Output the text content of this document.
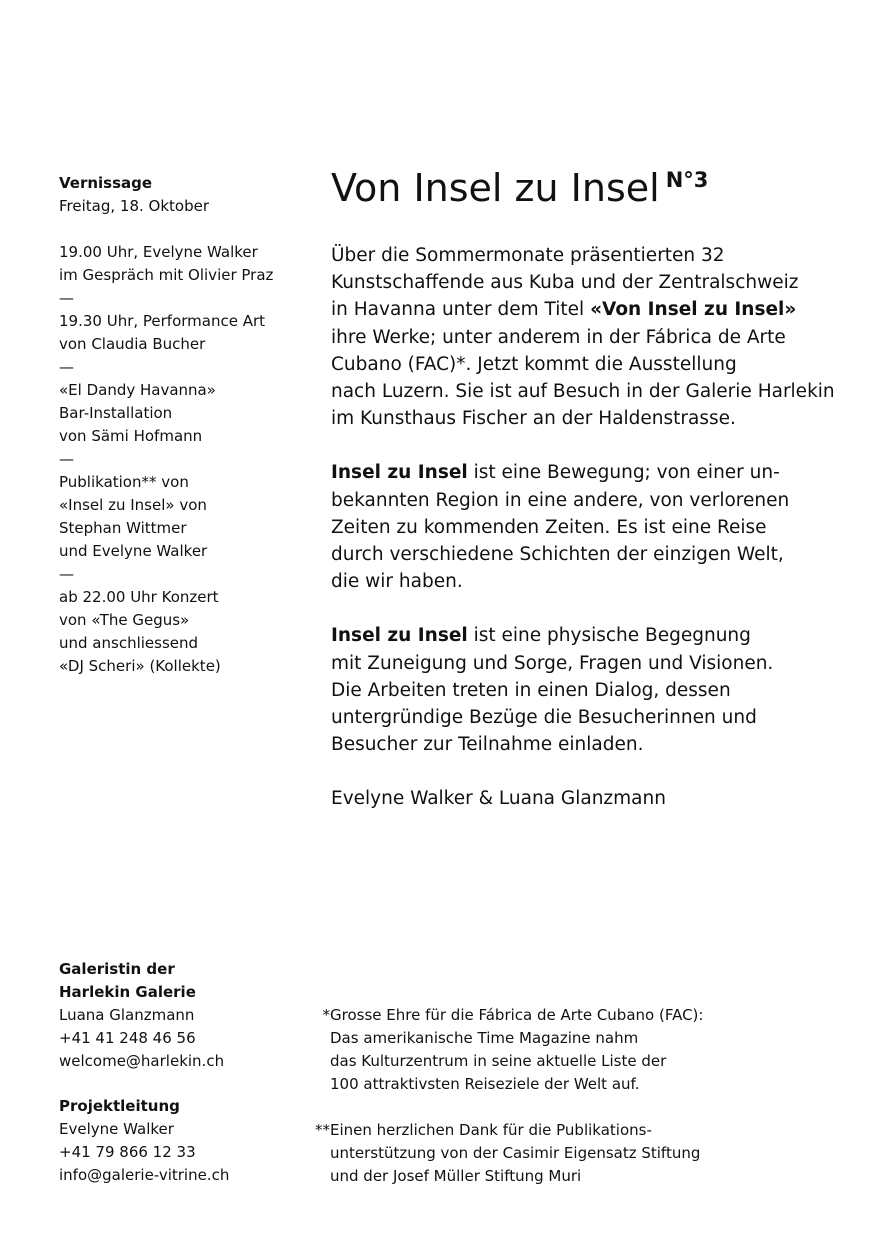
Vernissage
Freitag, 18. Oktober
19.00 Uhr, Evelyne Walker
im Gespräch mit Olivier Praz
—
19.30 Uhr, Performance Art
von Claudia Bucher
—
«El Dandy Havanna»
Bar-Installation
von Sämi Hofmann
—
Publikation** von
«Insel zu Insel» von
Stephan Wittmer
und Evelyne Walker
—
ab 22.00 Uhr Konzert
von «The Gegus»
und anschliessend
«DJ Scheri» (Kollekte)
Von Insel zu Insel $^{N^\circ 3}$

Über die Sommermonate präsentierten 32
Kunstschaffende aus Kuba und der Zentralschweiz
in Havanna unter dem Titel «Von Insel zu Insel»
ihre Werke; unter anderem in der Fábrica de Arte
Cubano (FAC)*. Jetzt kommt die Ausstellung
nach Luzern. Sie ist auf Besuch in der Galerie Harlekin
im Kunsthaus Fischer an der Haldenstrasse.

Insel zu Insel ist eine Bewegung; von einer un-
bekannten Region in eine andere, von verlorenen
Zeiten zu kommenden Zeiten. Es ist eine Reise
durch verschiedene Schichten der einzigen Welt,
die wir haben.

Insel zu Insel ist eine physische Begegnung
mit Zuneigung und Sorge, Fragen und Visionen.
Die Arbeiten treten in einen Dialog, dessen
untergründige Bezüge die Besucherinnen und
Besucher zur Teilnahme einladen.

Evelyne Walker & Luana Glanzmann

Galeristin der
Harlekin Galerie
Luana Glanzmann
+41 41 248 46 56
welcome@harlekin.ch
Projektleitung
Evelyne Walker
+41 79 866 12 33
info@galerie-vitrine.ch
* Grosse Ehre für die Fábrica de Arte Cubano (FAC):
Das amerikanische Time Magazine nahm
das Kulturzentrum in seine aktuelle Liste der
100 attraktivsten Reiseziele der Welt auf.
** Einen herzlichen Dank für die Publikations-
unterstützung von der Casimir Eigensatz Stiftung
und der Josef Müller Stiftung Muri
